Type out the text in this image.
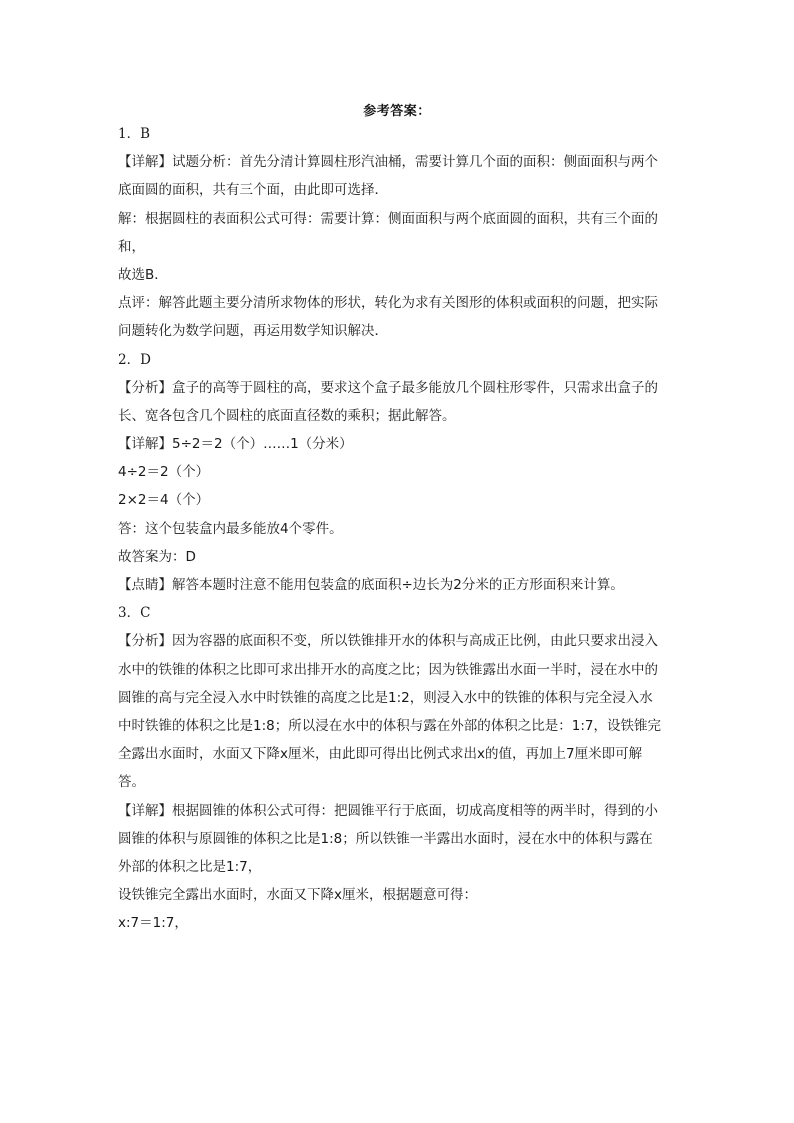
参考答案：
1．B
【详解】试题分析：首先分清计算圆柱形汽油桶，需要计算几个面的面积：侧面面积与两个
底面圆的面积，共有三个面，由此即可选择．
解：根据圆柱的表面积公式可得：需要计算：侧面面积与两个底面圆的面积，共有三个面的
和，
故选B．
点评：解答此题主要分清所求物体的形状，转化为求有关图形的体积或面积的问题，把实际
问题转化为数学问题，再运用数学知识解决．
2．D
【分析】盒子的高等于圆柱的高，要求这个盒子最多能放几个圆柱形零件，只需求出盒子的
长、宽各包含几个圆柱的底面直径数的乘积；据此解答。
【详解】5÷2＝2（个）……1（分米）
4÷2＝2（个）
2×2＝4（个）
答：这个包装盒内最多能放4个零件。
故答案为：D
【点睛】解答本题时注意不能用包装盒的底面积÷边长为2分米的正方形面积来计算。
3．C
【分析】因为容器的底面积不变，所以铁锥排开水的体积与高成正比例，由此只要求出浸入
水中的铁锥的体积之比即可求出排开水的高度之比；因为铁锥露出水面一半时，浸在水中的
圆锥的高与完全浸入水中时铁锥的高度之比是1:2，则浸入水中的铁锥的体积与完全浸入水
中时铁锥的体积之比是1:8；所以浸在水中的体积与露在外部的体积之比是：1:7，设铁锥完
全露出水面时，水面又下降x厘米，由此即可得出比例式求出x的值，再加上7厘米即可解
答。
【详解】根据圆锥的体积公式可得：把圆锥平行于底面，切成高度相等的两半时，得到的小
圆锥的体积与原圆锥的体积之比是1:8；所以铁锥一半露出水面时，浸在水中的体积与露在
外部的体积之比是1:7，
设铁锥完全露出水面时，水面又下降x厘米，根据题意可得：
x:7＝1:7，
